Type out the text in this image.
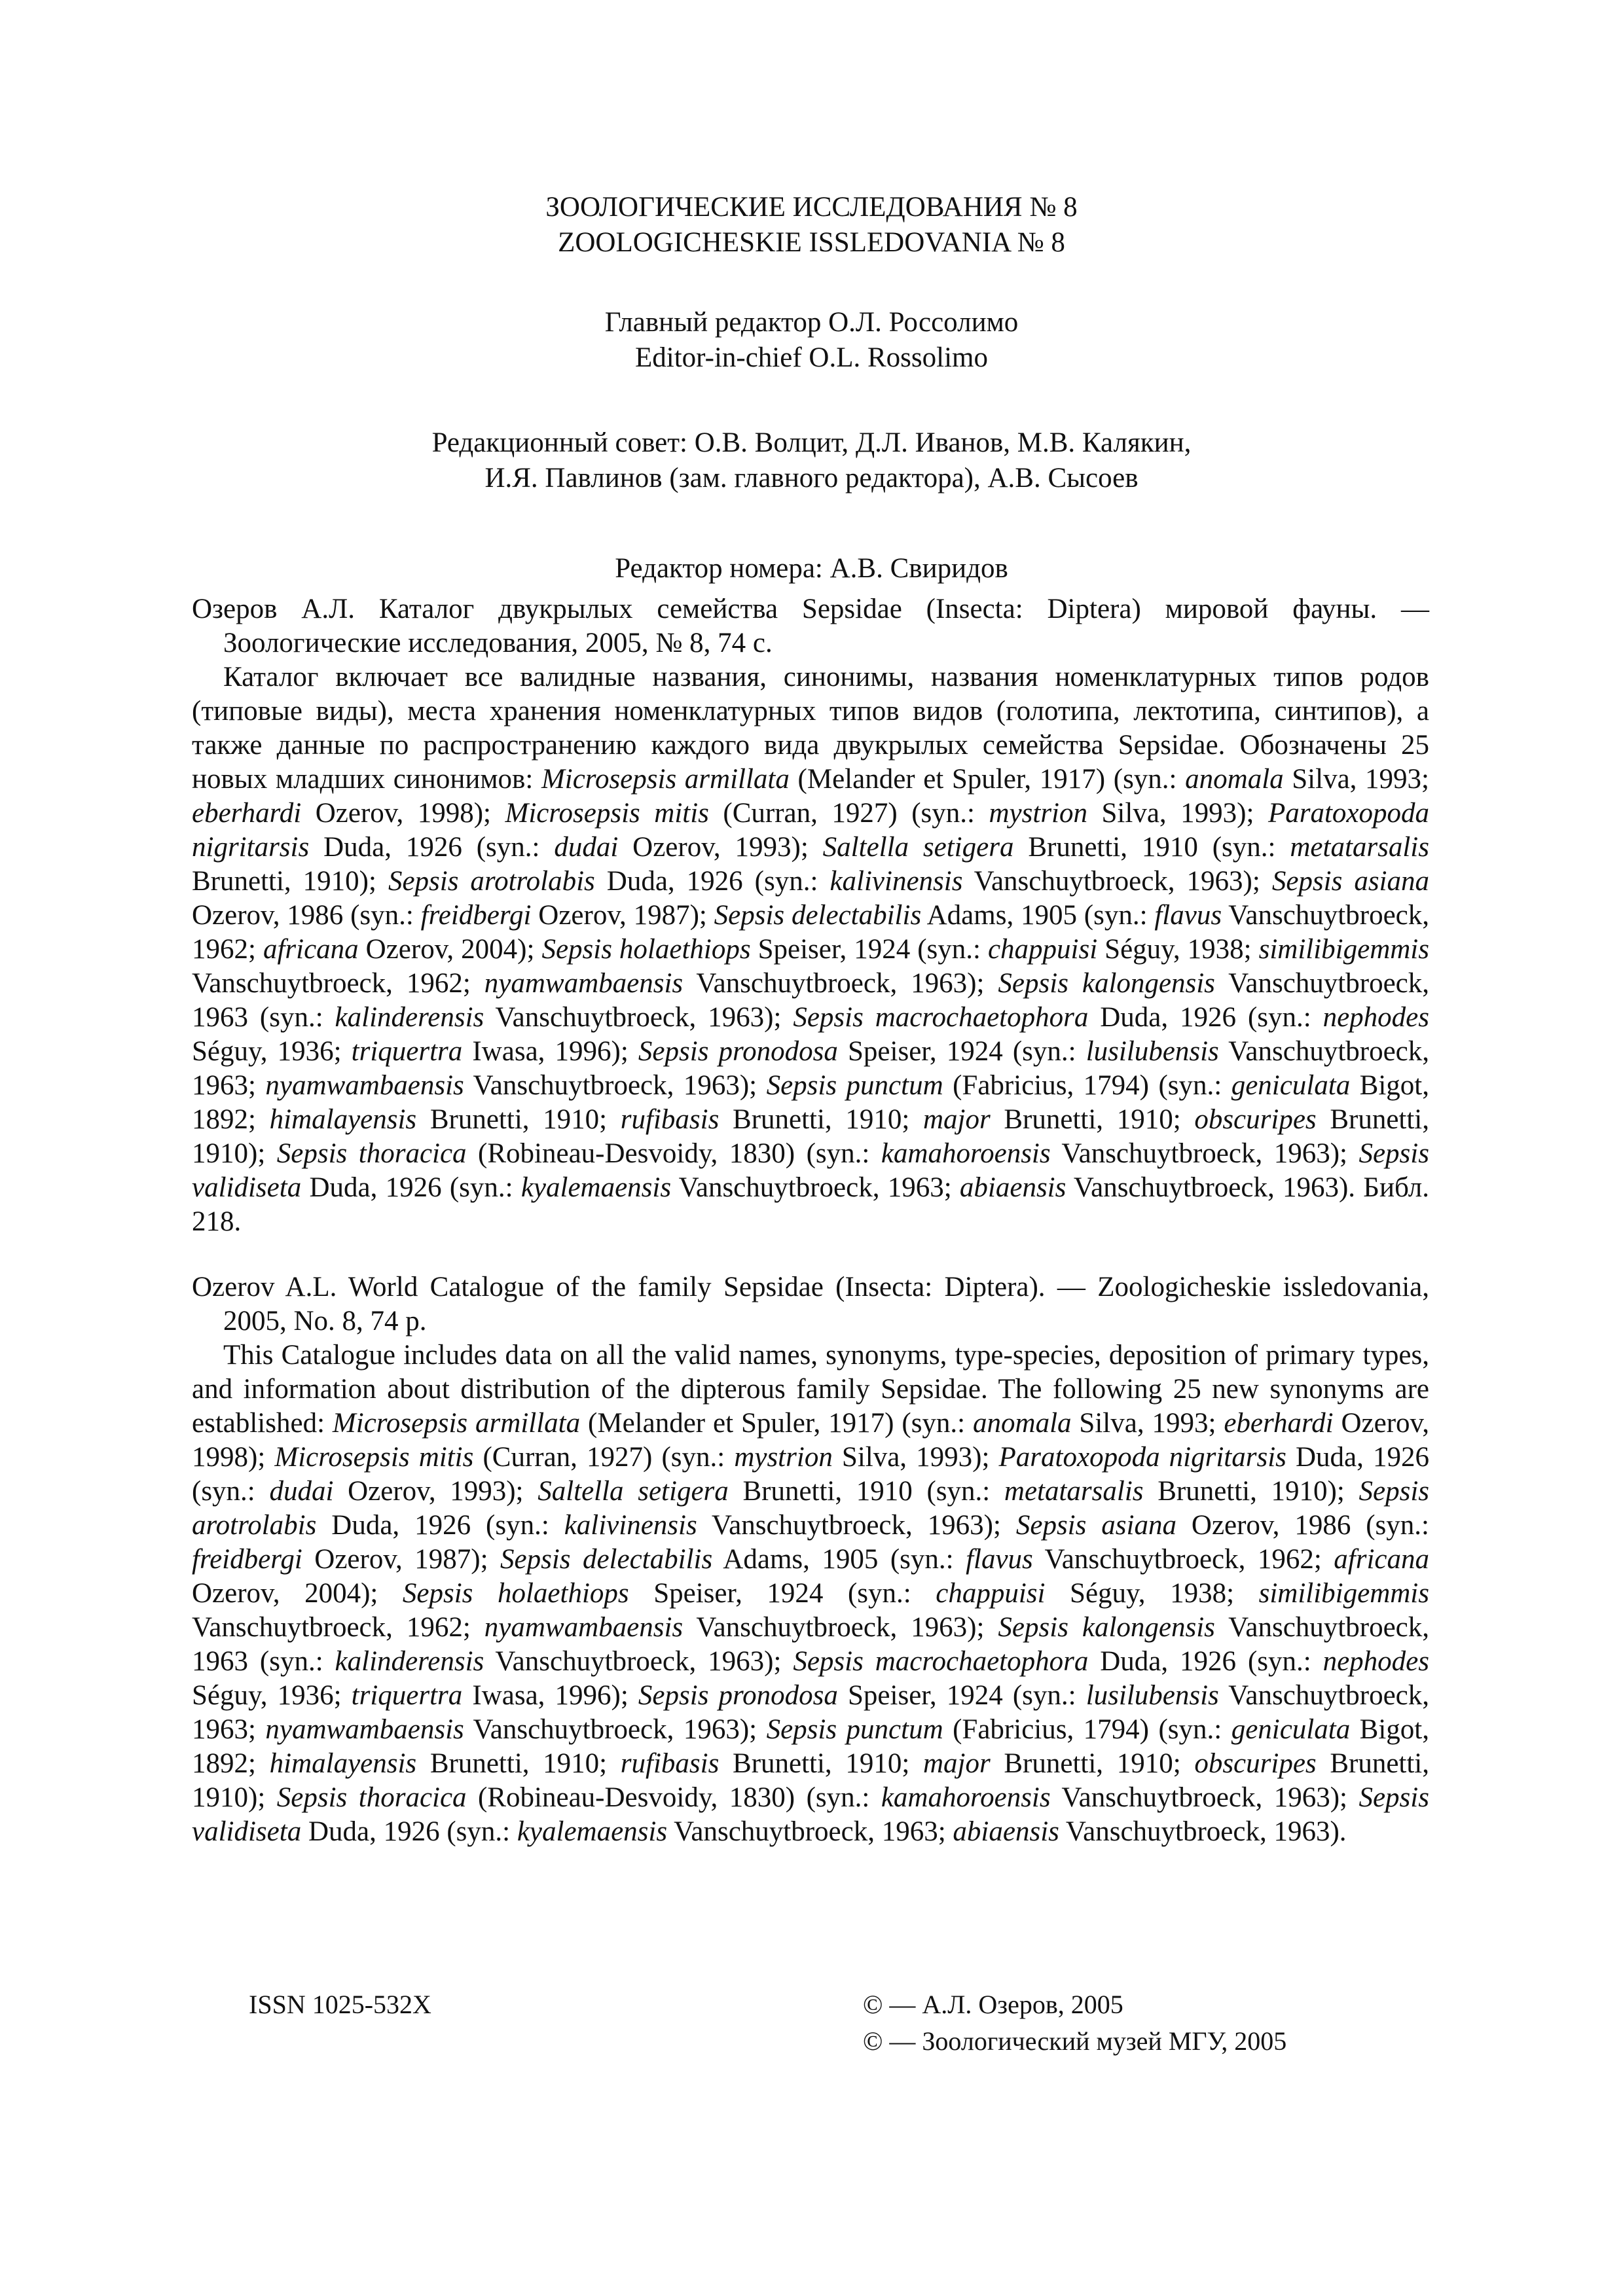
ЗООЛОГИЧЕСКИЕ ИССЛЕДОВАНИЯ № 8
ZOOLOGICHESKIE ISSLEDOVANIA № 8
Главный редактор О.Л. Россолимо
Editor-in-chief O.L. Rossolimo
Редакционный совет: О.В. Волцит, Д.Л. Иванов, М.В. Калякин,
И.Я. Павлинов (зам. главного редактора), А.В. Сысоев
Редактор номера: А.В. Свиридов

Озеров А.Л. Каталог двукрылых семейства Sepsidae (Insecta: Diptera) мировой фауны. — Зоологические исследования, 2005, № 8, 74 с.

Каталог включает все валидные названия, синонимы, названия номенклатурных типов родов (типовые виды), места хранения номенклатурных типов видов (голотипа, лектотипа, синтипов), а также данные по распространению каждого вида двукрылых семейства Sepsidae. Обозначены 25 новых младших синонимов: Microsepsis armillata (Melander et Spuler, 1917) (syn.: anomala Silva, 1993; eberhardi Ozerov, 1998); Microsepsis mitis (Curran, 1927) (syn.: mystrion Silva, 1993); Paratoxopoda nigritarsis Duda, 1926 (syn.: dudai Ozerov, 1993); Saltella setigera Brunetti, 1910 (syn.: metatarsalis Brunetti, 1910); Sepsis arotrolabis Duda, 1926 (syn.: kalivinensis Vanschuytbroeck, 1963); Sepsis asiana Ozerov, 1986 (syn.: freidbergi Ozerov, 1987); Sepsis delectabilis Adams, 1905 (syn.: flavus Vanschuytbroeck, 1962; africana Ozerov, 2004); Sepsis holaethiops Speiser, 1924 (syn.: chappuisi Séguy, 1938; similibigemmis Vanschuytbroeck, 1962; nyamwambaensis Vanschuytbroeck, 1963); Sepsis kalongensis Vanschuytbroeck, 1963 (syn.: kalinderensis Vanschuytbroeck, 1963); Sepsis macrochaetophora Duda, 1926 (syn.: nephodes Séguy, 1936; triquertra Iwasa, 1996); Sepsis pronodosa Speiser, 1924 (syn.: lusilubensis Vanschuytbroeck, 1963; nyamwambaensis Vanschuytbroeck, 1963); Sepsis punctum (Fabricius, 1794) (syn.: geniculata Bigot, 1892; himalayensis Brunetti, 1910; rufibasis Brunetti, 1910; major Brunetti, 1910; obscuripes Brunetti, 1910); Sepsis thoracica (Robineau-Desvoidy, 1830) (syn.: kamahoroensis Vanschuytbroeck, 1963); Sepsis validiseta Duda, 1926 (syn.: kyalemaensis Vanschuytbroeck, 1963; abiaensis Vanschuytbroeck, 1963). Библ. 218.

Ozerov A.L. World Catalogue of the family Sepsidae (Insecta: Diptera). — Zoologicheskie issledovania, 2005, No. 8, 74 p.

This Catalogue includes data on all the valid names, synonyms, type-species, deposition of primary types, and information about distribution of the dipterous family Sepsidae. The following 25 new synonyms are established: Microsepsis armillata (Melander et Spuler, 1917) (syn.: anomala Silva, 1993; eberhardi Ozerov, 1998); Microsepsis mitis (Curran, 1927) (syn.: mystrion Silva, 1993); Paratoxopoda nigritarsis Duda, 1926 (syn.: dudai Ozerov, 1993); Saltella setigera Brunetti, 1910 (syn.: metatarsalis Brunetti, 1910); Sepsis arotrolabis Duda, 1926 (syn.: kalivinensis Vanschuytbroeck, 1963); Sepsis asiana Ozerov, 1986 (syn.: freidbergi Ozerov, 1987); Sepsis delectabilis Adams, 1905 (syn.: flavus Vanschuytbroeck, 1962; africana Ozerov, 2004); Sepsis holaethiops Speiser, 1924 (syn.: chappuisi Séguy, 1938; similibigemmis Vanschuytbroeck, 1962; nyamwambaensis Vanschuytbroeck, 1963); Sepsis kalongensis Vanschuytbroeck, 1963 (syn.: kalinderensis Vanschuytbroeck, 1963); Sepsis macrochaetophora Duda, 1926 (syn.: nephodes Séguy, 1936; triquertra Iwasa, 1996); Sepsis pronodosa Speiser, 1924 (syn.: lusilubensis Vanschuytbroeck, 1963; nyamwambaensis Vanschuytbroeck, 1963); Sepsis punctum (Fabricius, 1794) (syn.: geniculata Bigot, 1892; himalayensis Brunetti, 1910; rufibasis Brunetti, 1910; major Brunetti, 1910; obscuripes Brunetti, 1910); Sepsis thoracica (Robineau-Desvoidy, 1830) (syn.: kamahoroensis Vanschuytbroeck, 1963); Sepsis validiseta Duda, 1926 (syn.: kyalemaensis Vanschuytbroeck, 1963; abiaensis Vanschuytbroeck, 1963).

ISSN 1025-532X	© — А.Л. Озеров, 2005
© — Зоологический музей МГУ, 2005
